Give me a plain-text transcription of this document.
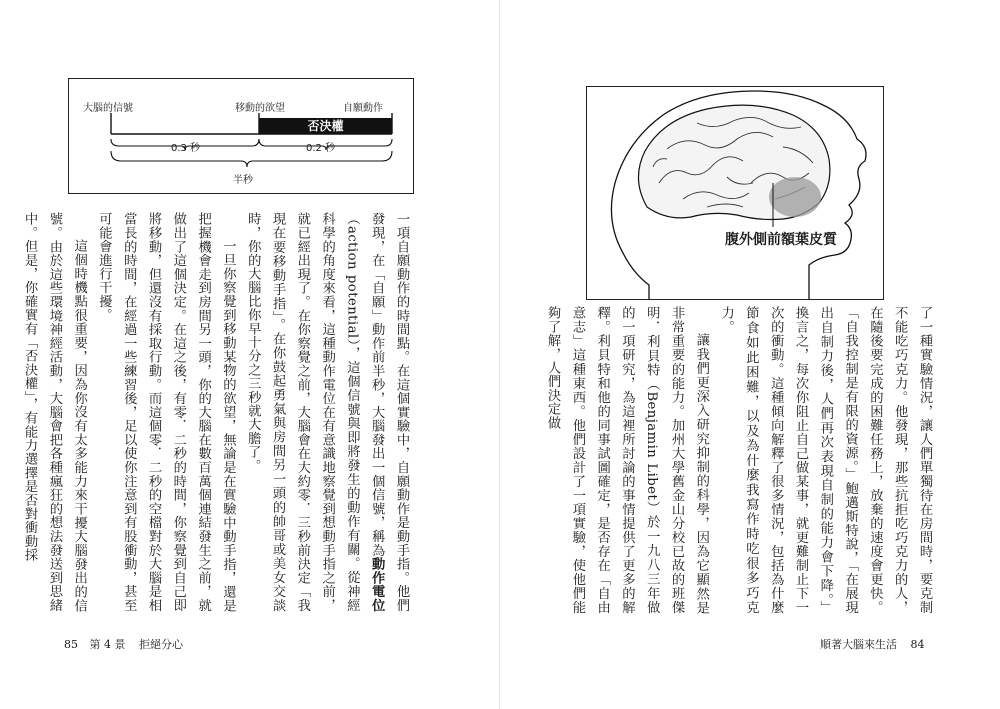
大腦的信號	移動的欲望	自願動作
否決權
0.3 秒	0.2 秒
半秒

一項自願動作的時間點。在這個實驗中，自願動作是動手指。他們發現，在「自願」動作前半秒，大腦發出一個信號，稱為動作電位（action potential），這個信號與即將發生的動作有關。從神經科學的角度來看，這種動作電位在有意識地察覺到想動手指之前，就已經出現了。在你察覺之前，大腦會在大約零．三秒前決定「我現在要移動手指」。在你鼓起勇氣與房間另一頭的帥哥或美女交談時，你的大腦比你早十分之三秒就大膽了。

一旦你察覺到移動某物的欲望，無論是在實驗中動手指，還是把握機會走到房間另一頭，你的大腦在數百萬個連結發生之前，就做出了這個決定。在這之後，有零．二秒的時間，你察覺到自己即將移動，但還沒有採取行動。而這個零．二秒的空檔對於大腦是相當長的時間，在經過一些練習後，足以使你注意到有股衝動，甚至可能會進行干擾。

這個時機點很重要，因為你沒有太多能力來干擾大腦發出的信號。由於這些環境神經活動，大腦會把各種瘋狂的想法發送到思緒中。但是，你確實有「否決權」，有能力選擇是否對衝動採

85 第 4 景 拒絕分心
腹外側前額葉皮質

了一種實驗情況，讓人們單獨待在房間時，要克制不能吃巧克力。他發現，那些抗拒吃巧克力的人，在隨後要完成的困難任務上，放棄的速度會更快。「自我控制是有限的資源。」鮑邁斯特說，「在展現出自制力後，人們再次表現自制的能力會下降。」換言之，每次你阻止自己做某事，就更難制止下一次的衝動。這種傾向解釋了很多情況，包括為什麼節食如此困難，以及為什麼我寫作時吃很多巧克力。

讓我們更深入研究抑制的科學，因為它顯然是非常重要的能力。加州大學舊金山分校已故的班傑明．利貝特（Benjamin Libet）於一九八三年做的一項研究，為這裡所討論的事情提供了更多的解釋。利貝特和他的同事試圖確定，是否存在「自由意志」這種東西。他們設計了一項實驗，使他們能夠了解，人們決定做

順著大腦來生活 84
